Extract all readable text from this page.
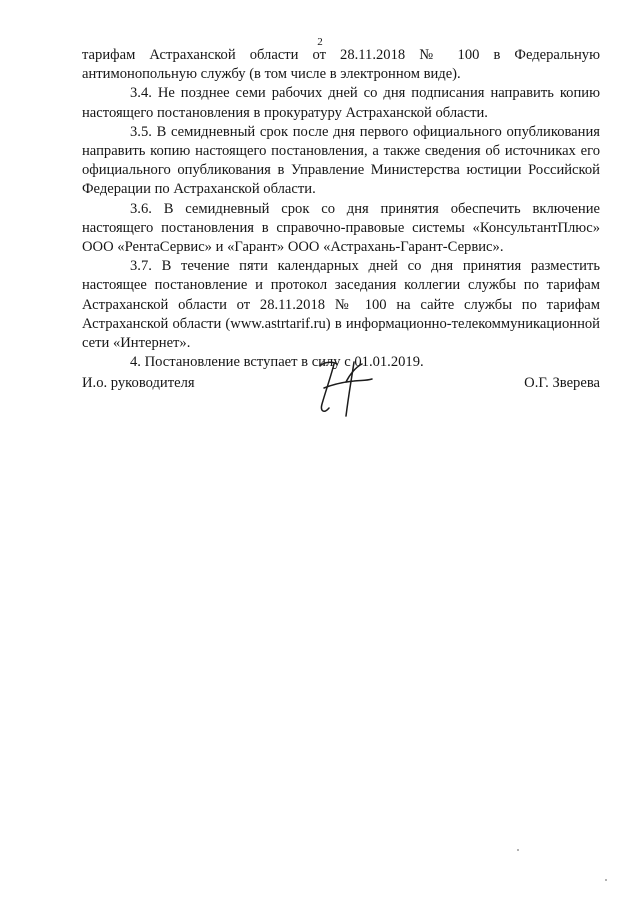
2

тарифам Астраханской области от 28.11.2018 № 100 в Федеральную антимонопольную службу (в том числе в электронном виде).

3.4. Не позднее семи рабочих дней со дня подписания направить копию настоящего постановления в прокуратуру Астраханской области.

3.5. В семидневный срок после дня первого официального опубликования направить копию настоящего постановления, а также сведения об источниках его официального опубликования в Управление Министерства юстиции Российской Федерации по Астраханской области.

3.6. В семидневный срок со дня принятия обеспечить включение настоящего постановления в справочно-правовые системы «КонсультантПлюс» ООО «РентаСервис» и «Гарант» ООО «Астрахань-Гарант-Сервис».

3.7. В течение пяти календарных дней со дня принятия разместить настоящее постановление и протокол заседания коллегии службы по тарифам Астраханской области от 28.11.2018 № 100 на сайте службы по тарифам Астраханской области (www.astrtarif.ru) в информационно-телекоммуникационной сети «Интернет».

4. Постановление вступает в силу с 01.01.2019.

И.о. руководителя	О.Г. Зверева
